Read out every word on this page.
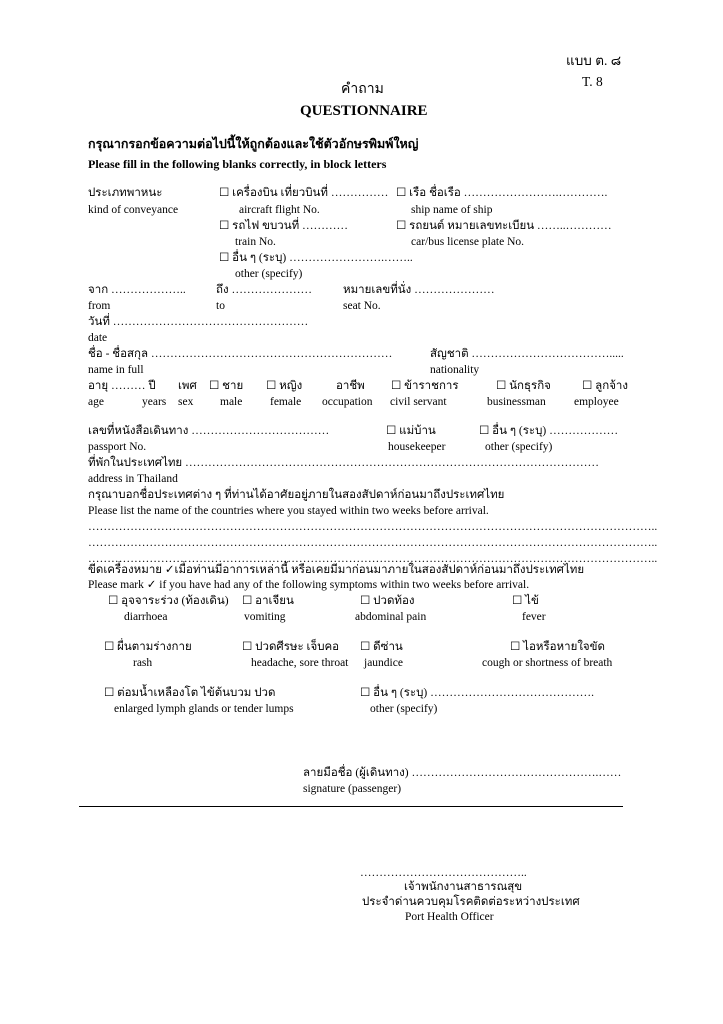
แบบ ต. ๘
T. 8
คำถาม
QUESTIONNAIRE
กรุณากรอกข้อความต่อไปนี้ให้ถูกต้องและใช้ตัวอักษรพิมพ์ใหญ่
Please fill in the following blanks correctly, in block letters
ประเภทพาหนะ
kind of conveyance
☐ เครื่องบิน เที่ยวบินที่ ……………
aircraft flight No.
☐ เรือ ชื่อเรือ …………………….………….
ship name of ship
☐ รถไฟ ขบวนที่ …………
train No.
☐ รถยนต์ หมายเลขทะเบียน ……..…………
car/bus license plate No.
☐ อื่น ๆ (ระบุ) …………………….……..
other (specify)
จาก ………………..
from
ถึง …………………
to
หมายเลขที่นั่ง …………………
seat No.
วันที่ ……………………………………………
date
ชื่อ - ชื่อสกุล ………………………………………………………
name in full
สัญชาติ ……………………………….....
nationality
อายุ ……… ปี
age	years
เพศ
sex
☐ ชาย
male
☐ หญิง
female
อาชีพ
occupation
☐ ข้าราชการ
civil servant
☐ นักธุรกิจ
businessman
☐ ลูกจ้าง
employee
เลขที่หนังสือเดินทาง ………………………………
passport No.
☐ แม่บ้าน
housekeeper
☐ อื่น ๆ (ระบุ) ………………
other (specify)
ที่พักในประเทศไทย ………………………………………………………………………………………………
address in Thailand
กรุณาบอกชื่อประเทศต่าง ๆ ที่ท่านได้อาศัยอยู่ภายในสองสัปดาห์ก่อนมาถึงประเทศไทย
Please list the name of the countries where you stayed within two weeks before arrival.
…………………………………………………………………………………………………………………………………..
…………………………………………………………………………………………………………………………………..
…………………………………………………………………………………………………………………………………..
ขีดเครื่องหมาย ✓เมื่อท่านมีอาการเหล่านี้ หรือเคยมีมาก่อนมาภายในสองสัปดาห์ก่อนมาถึงประเทศไทย
Please mark ✓ if you have had any of the following symptoms within two weeks before arrival.
☐ อุจจาระร่วง (ท้องเดิน)
diarrhoea
☐ อาเจียน
vomiting
☐ ปวดท้อง
abdominal pain
☐ ไข้
fever
☐ ผื่นตามร่างกาย
rash
☐ ปวดศีรษะ เจ็บคอ
headache, sore throat
☐ ดีซ่าน
jaundice
☐ ไอหรือหายใจขัด
cough or shortness of breath
☐ ต่อมน้ำเหลืองโต ไข้ต้นบวม ปวด
enlarged lymph glands or tender lumps
☐ อื่น ๆ (ระบุ) …………………………………….
other (specify)
ลายมือชื่อ (ผู้เดินทาง) ………………………………………….……
signature (passenger)
……………………………………..
เจ้าพนักงานสาธารณสุข
ประจำด่านควบคุมโรคติดต่อระหว่างประเทศ
Port Health Officer
